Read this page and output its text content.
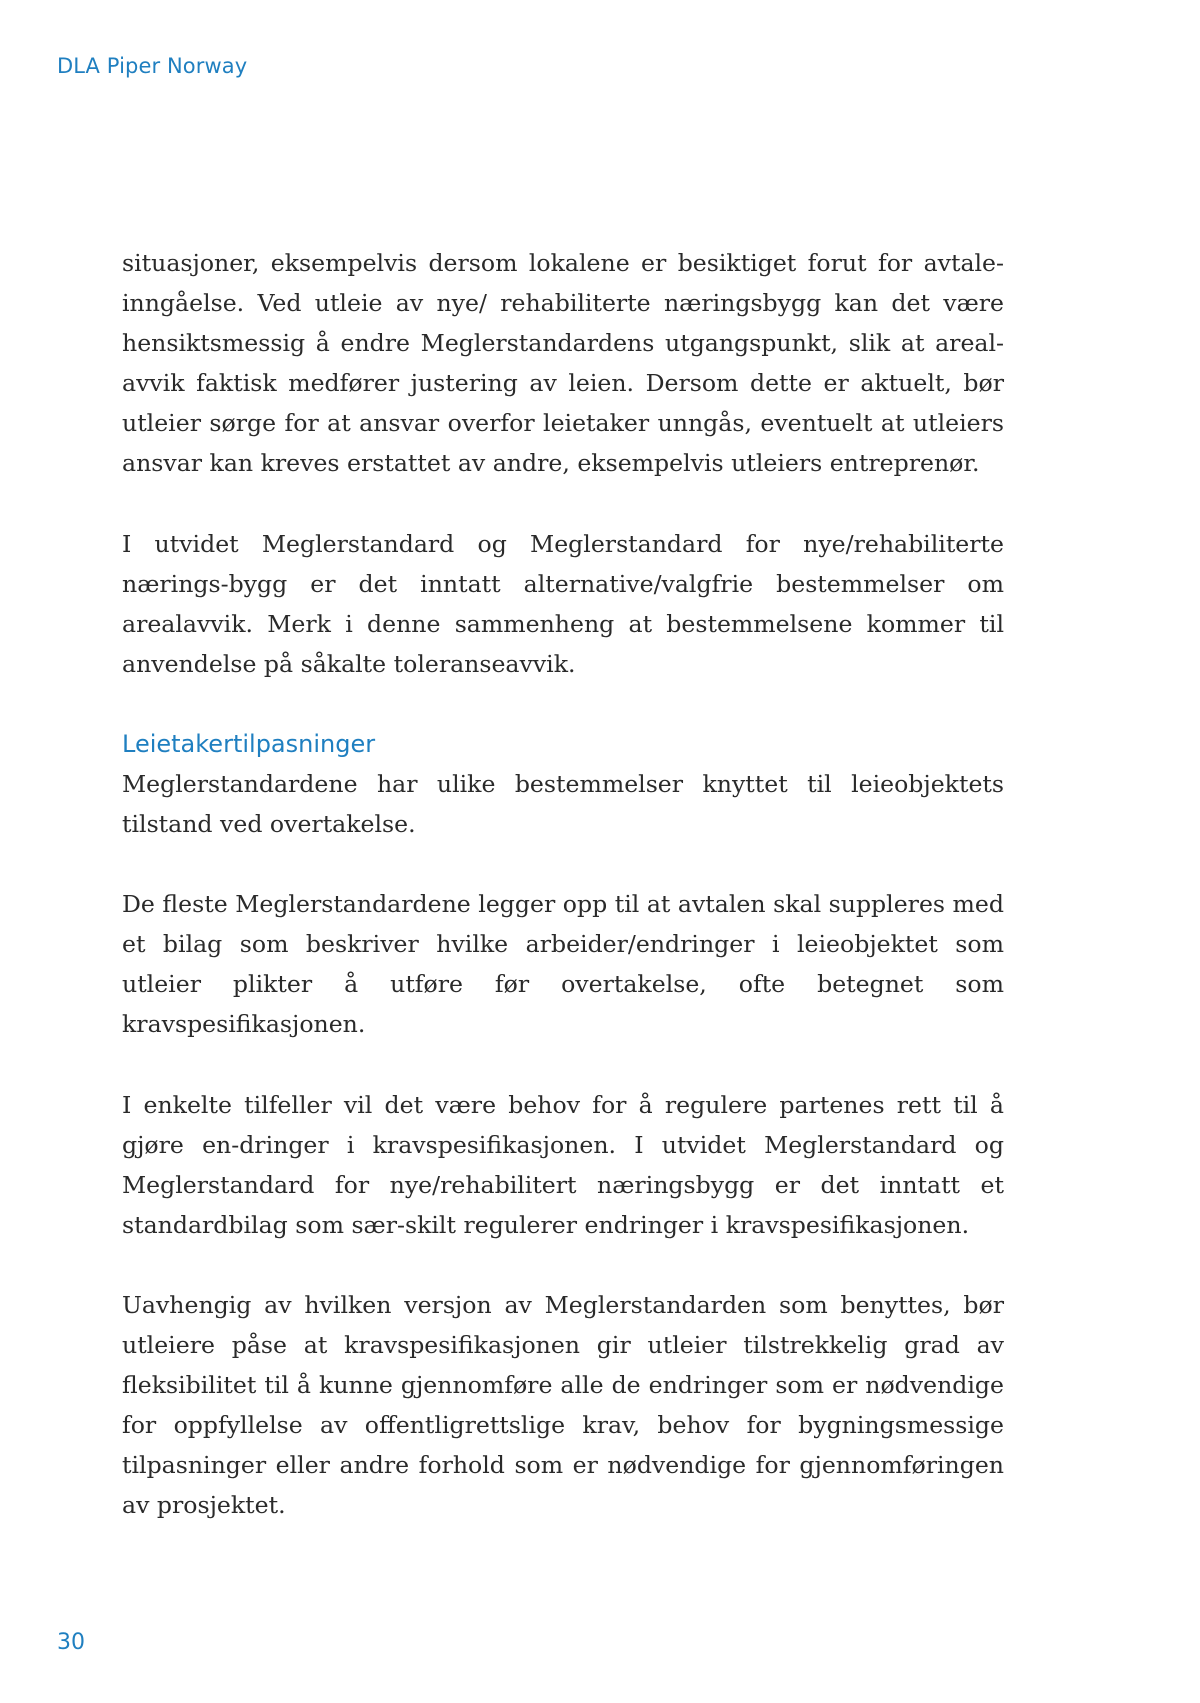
DLA Piper Norway

situasjoner, eksempelvis dersom lokalene er besiktiget forut for avtale-inngåelse. Ved utleie av nye/ rehabiliterte næringsbygg kan det være hensiktsmessig å endre Meglerstandardens utgangspunkt, slik at areal-avvik faktisk medfører justering av leien. Dersom dette er aktuelt, bør utleier sørge for at ansvar overfor leietaker unngås, eventuelt at utleiers ansvar kan kreves erstattet av andre, eksempelvis utleiers entreprenør.

I utvidet Meglerstandard og Meglerstandard for nye/rehabiliterte nærings-bygg er det inntatt alternative/valgfrie bestemmelser om arealavvik. Merk i denne sammenheng at bestemmelsene kommer til anvendelse på såkalte toleranseavvik.

Leietakertilpasninger

Meglerstandardene har ulike bestemmelser knyttet til leieobjektets tilstand ved overtakelse.

De fleste Meglerstandardene legger opp til at avtalen skal suppleres med et bilag som beskriver hvilke arbeider/endringer i leieobjektet som utleier plikter å utføre før overtakelse, ofte betegnet som kravspesifikasjonen.

I enkelte tilfeller vil det være behov for å regulere partenes rett til å gjøre en-dringer i kravspesifikasjonen. I utvidet Meglerstandard og Meglerstandard for nye/rehabilitert næringsbygg er det inntatt et standardbilag som sær-skilt regulerer endringer i kravspesifikasjonen.

Uavhengig av hvilken versjon av Meglerstandarden som benyttes, bør utleiere påse at kravspesifikasjonen gir utleier tilstrekkelig grad av fleksibilitet til å kunne gjennomføre alle de endringer som er nødvendige for oppfyllelse av offentligrettslige krav, behov for bygningsmessige tilpasninger eller andre forhold som er nødvendige for gjennomføringen av prosjektet.

30
